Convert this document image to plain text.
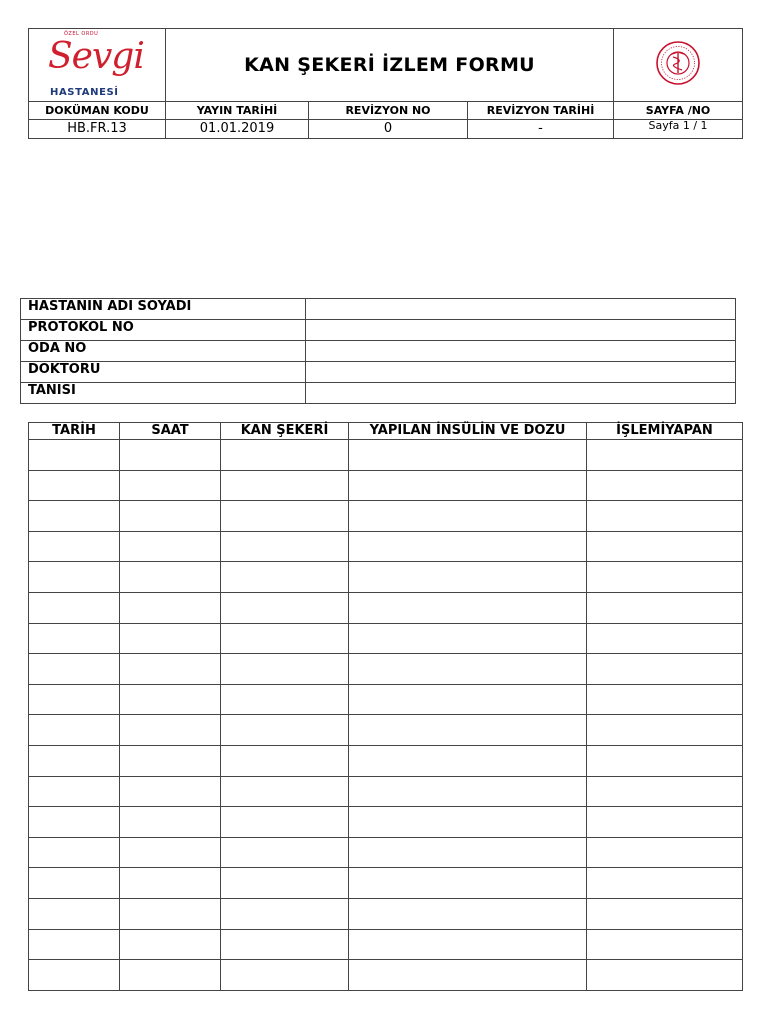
ÖZEL ORDU
Sevgi
HASTANESİ	KAN ŞEKERİ İZLEM FORMU	
DOKÜMAN KODU	YAYIN TARİHİ	REVİZYON NO	REVİZYON TARİHİ	SAYFA /NO
HB.FR.13	01.01.2019	0	-	Sayfa 1 / 1
HASTANIN ADI SOYADI	
PROTOKOL NO	
ODA NO	
DOKTORU	
TANISI	
TARİH	SAAT	KAN ŞEKERİ	YAPILAN İNSÜLİN VE DOZU	İŞLEMİYAPAN
